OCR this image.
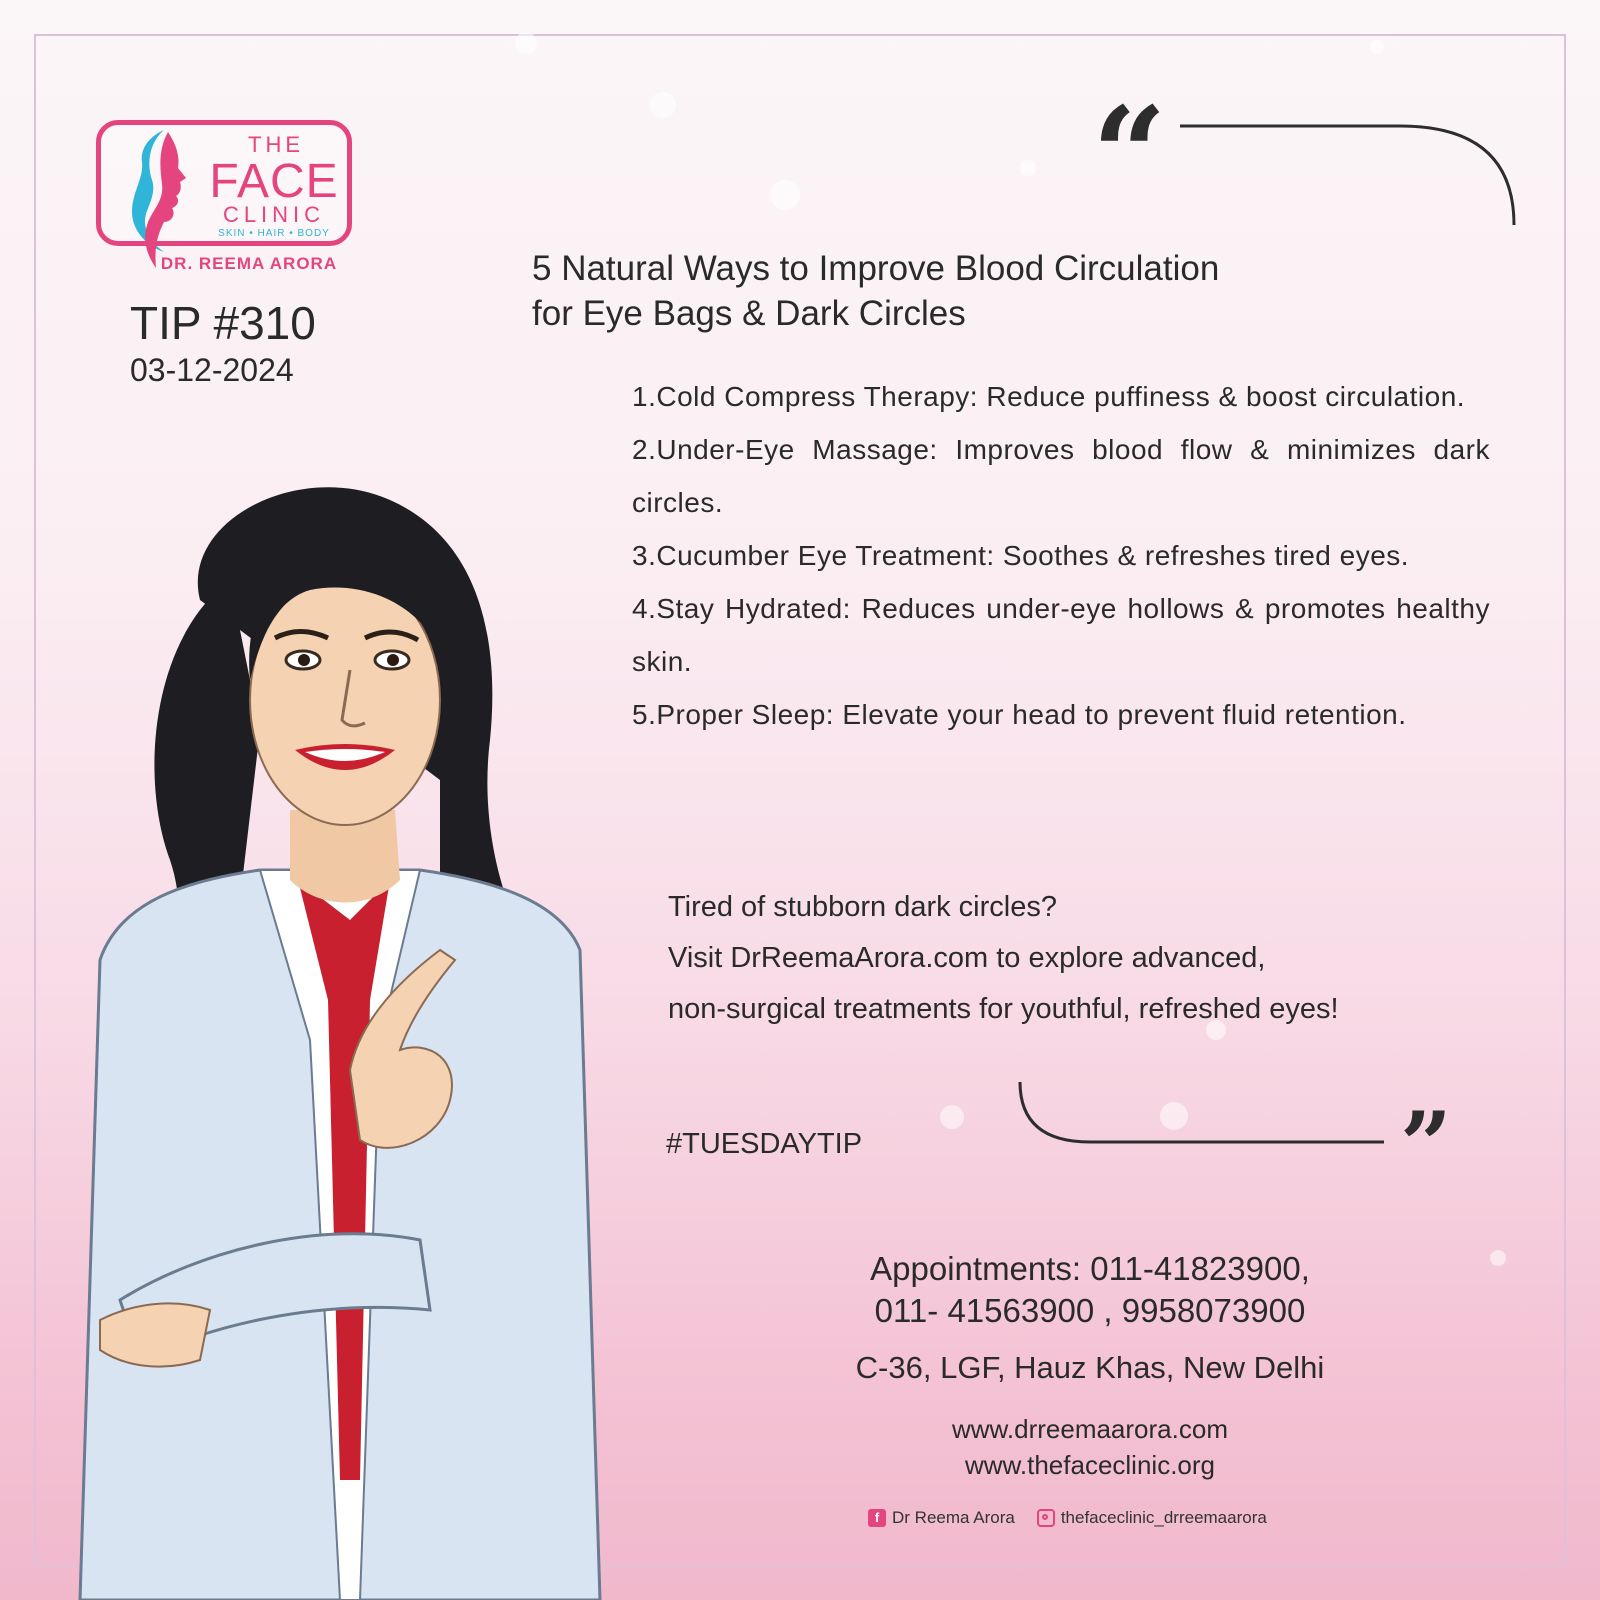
THE
FACE
CLINIC
SKIN • HAIR • BODY
DR. REEMA ARORA
TIP #310
03-12-2024
“
”
5 Natural Ways to Improve Blood Circulation
for Eye Bags & Dark Circles
1.Cold Compress Therapy: Reduce puffiness & boost circulation.
2.Under-Eye Massage: Improves blood flow & minimizes dark circles.
3.Cucumber Eye Treatment: Soothes & refreshes tired eyes.
4.Stay Hydrated: Reduces under-eye hollows & promotes healthy skin.
5.Proper Sleep: Elevate your head to prevent fluid retention.
Tired of stubborn dark circles?
Visit DrReemaArora.com to explore advanced,
non-surgical treatments for youthful, refreshed eyes!
#TUESDAYTIP
Appointments: 011-41823900,
011- 41563900 , 9958073900
C-36, LGF, Hauz Khas, New Delhi
www.drreemaarora.com
www.thefaceclinic.org
f Dr Reema Arora	thefaceclinic_drreemaarora
